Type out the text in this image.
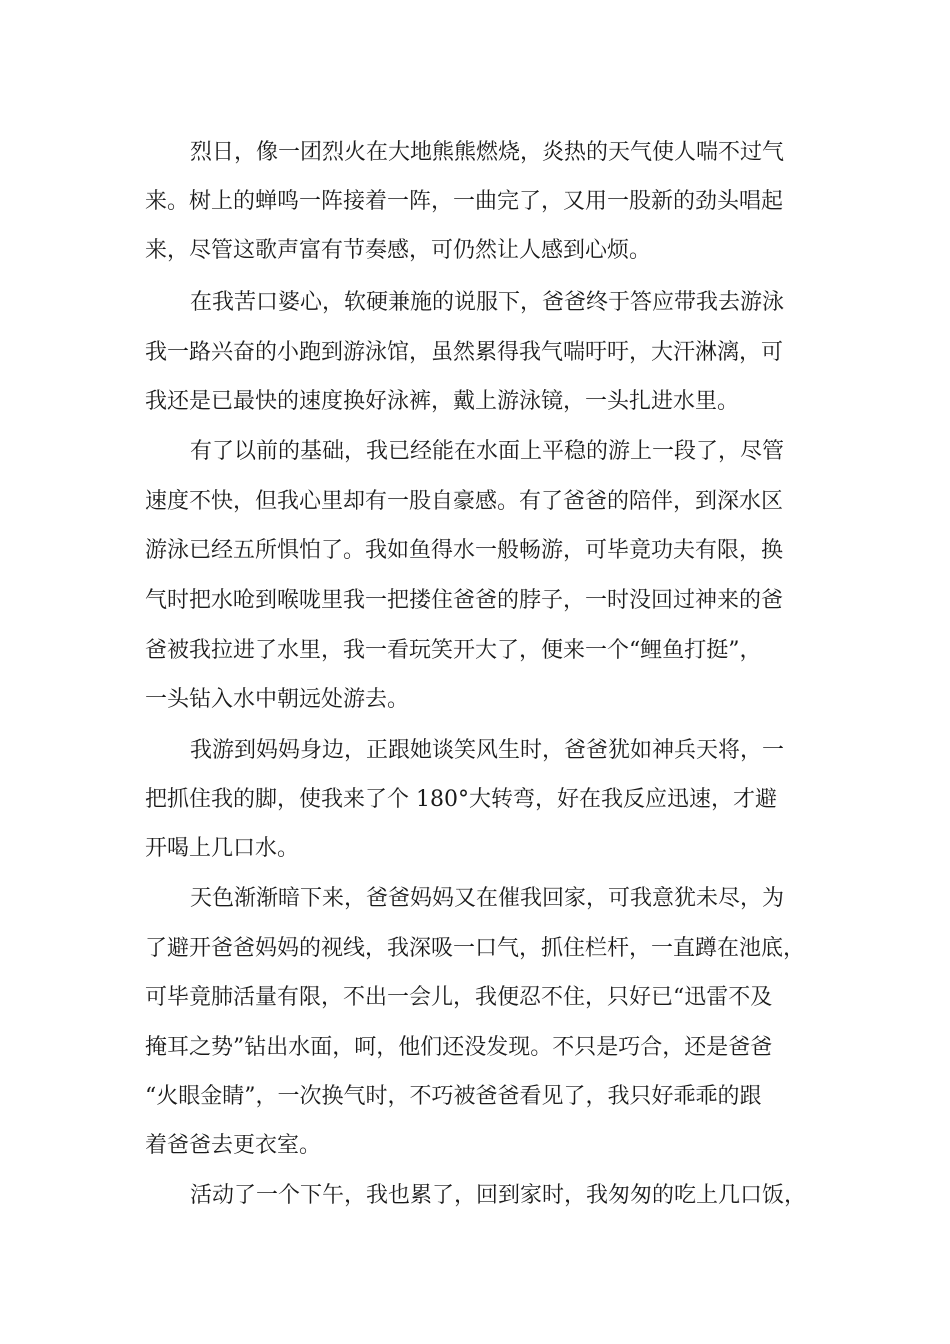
烈日，像一团烈火在大地熊熊燃烧，炎热的天气使人喘不过气
来。树上的蝉鸣一阵接着一阵，一曲完了，又用一股新的劲头唱起
来，尽管这歌声富有节奏感，可仍然让人感到心烦。
在我苦口婆心，软硬兼施的说服下，爸爸终于答应带我去游泳
我一路兴奋的小跑到游泳馆，虽然累得我气喘吁吁，大汗淋漓，可
我还是已最快的速度换好泳裤，戴上游泳镜，一头扎进水里。
有了以前的基础，我已经能在水面上平稳的游上一段了，尽管
速度不快，但我心里却有一股自豪感。有了爸爸的陪伴，到深水区
游泳已经五所惧怕了。我如鱼得水一般畅游，可毕竟功夫有限，换
气时把水呛到喉咙里我一把搂住爸爸的脖子，一时没回过神来的爸
爸被我拉进了水里，我一看玩笑开大了，便来一个“鲤鱼打挺”，
一头钻入水中朝远处游去。
我游到妈妈身边，正跟她谈笑风生时，爸爸犹如神兵天将，一
把抓住我的脚，使我来了个 180°大转弯，好在我反应迅速，才避
开喝上几口水。
天色渐渐暗下来，爸爸妈妈又在催我回家，可我意犹未尽，为
了避开爸爸妈妈的视线，我深吸一口气，抓住栏杆，一直蹲在池底，
可毕竟肺活量有限，不出一会儿，我便忍不住，只好已“迅雷不及
掩耳之势”钻出水面，呵，他们还没发现。不只是巧合，还是爸爸
“火眼金睛”，一次换气时，不巧被爸爸看见了，我只好乖乖的跟
着爸爸去更衣室。
活动了一个下午，我也累了，回到家时，我匆匆的吃上几口饭，
